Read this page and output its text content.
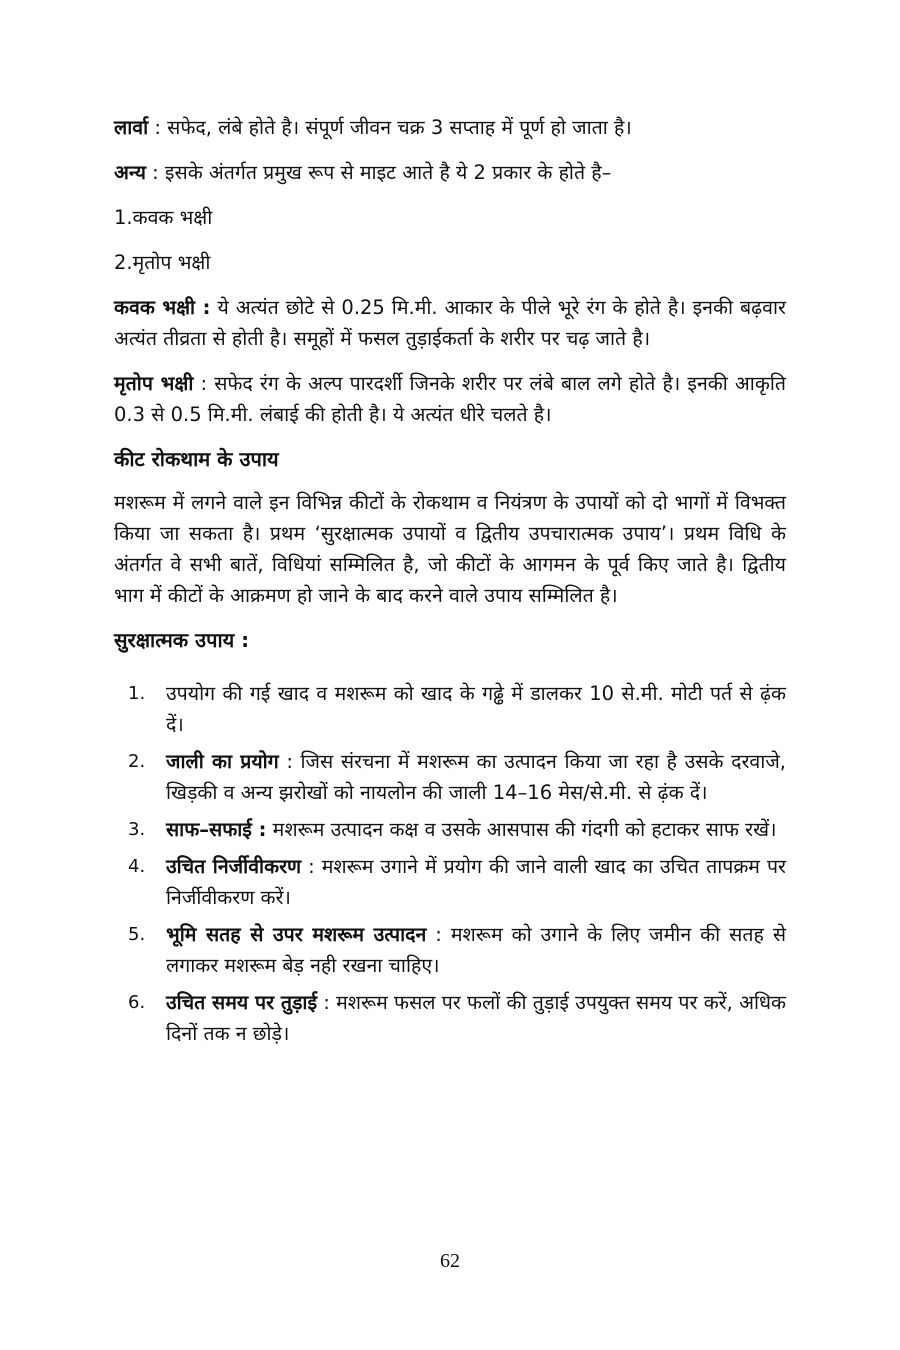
लार्वा : सफेद, लंबे होते है। संपूर्ण जीवन चक्र 3 सप्ताह में पूर्ण हो जाता है।

अन्य : इसके अंतर्गत प्रमुख रूप से माइट आते है ये 2 प्रकार के होते है–

1.कवक भक्षी

2.मृतोप भक्षी

कवक भक्षी : ये अत्यंत छोटे से 0.25 मि.मी. आकार के पीले भूरे रंग के होते है। इनकी बढ़वार अत्यंत तीव्रता से होती है। समूहों में फसल तुड़ाईकर्ता के शरीर पर चढ़ जाते है।

मृतोप भक्षी : सफेद रंग के अल्प पारदर्शी जिनके शरीर पर लंबे बाल लगे होते है। इनकी आकृति 0.3 से 0.5 मि.मी. लंबाई की होती है। ये अत्यंत धीरे चलते है।

कीट रोकथाम के उपाय

मशरूम में लगने वाले इन विभिन्न कीटों के रोकथाम व नियंत्रण के उपायों को दो भागों में विभक्त किया जा सकता है। प्रथम ‘सुरक्षात्मक उपायों व द्वितीय उपचारात्मक उपाय’। प्रथम विधि के अंतर्गत वे सभी बातें, विधियां सम्मिलित है, जो कीटों के आगमन के पूर्व किए जाते है। द्वितीय भाग में कीटों के आक्रमण हो जाने के बाद करने वाले उपाय सम्मिलित है।

सुरक्षात्मक उपाय :
1. उपयोग की गई खाद व मशरूम को खाद के गढ्ढे में डालकर 10 से.मी. मोटी पर्त से ढ़ंक दें।
2. जाली का प्रयोग : जिस संरचना में मशरूम का उत्पादन किया जा रहा है उसके दरवाजे, खिड़की व अन्य झरोखों को नायलोन की जाली 14–16 मेस/से.मी. से ढ़ंक दें।
3. साफ–सफाई : मशरूम उत्पादन कक्ष व उसके आसपास की गंदगी को हटाकर साफ रखें।
4. उचित निर्जीवीकरण : मशरूम उगाने में प्रयोग की जाने वाली खाद का उचित तापक्रम पर निर्जीवीकरण करें।
5. भूमि सतह से उपर मशरूम उत्पादन : मशरूम को उगाने के लिए जमीन की सतह से लगाकर मशरूम बेड़ नही रखना चाहिए।
6. उचित समय पर तुड़ाई : मशरूम फसल पर फलों की तुड़ाई उपयुक्त समय पर करें, अधिक दिनों तक न छोड़े।
62
